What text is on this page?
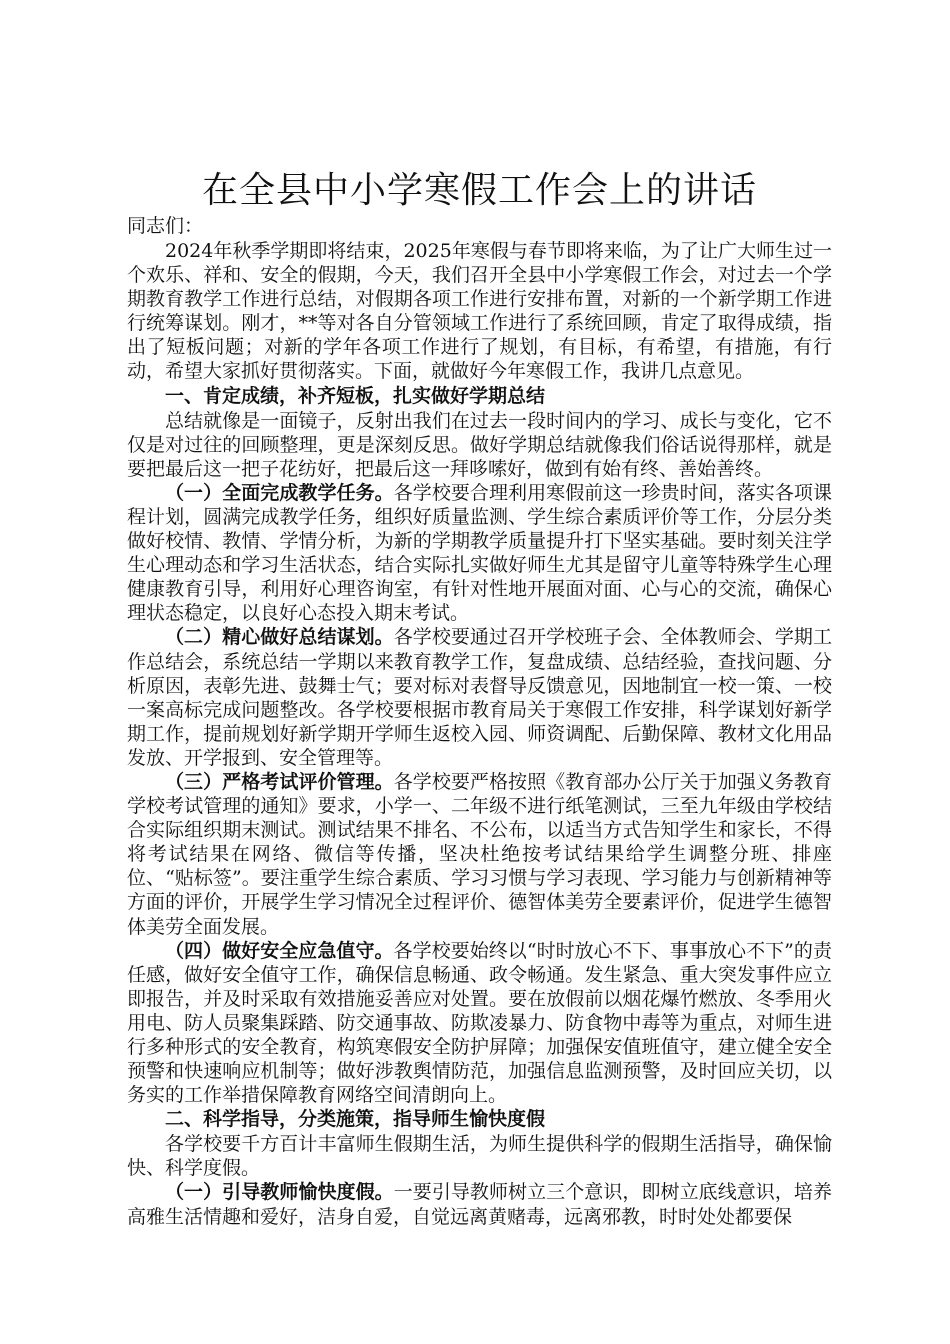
在全县中小学寒假工作会上的讲话

同志们：

2024年秋季学期即将结束，2025年寒假与春节即将来临，为了让广大师生过一个欢乐、祥和、安全的假期，今天，我们召开全县中小学寒假工作会，对过去一个学期教育教学工作进行总结，对假期各项工作进行安排布置，对新的一个新学期工作进行统筹谋划。刚才，**等对各自分管领域工作进行了系统回顾，肯定了取得成绩，指出了短板问题；对新的学年各项工作进行了规划，有目标，有希望，有措施，有行动，希望大家抓好贯彻落实。下面，就做好今年寒假工作，我讲几点意见。

一、肯定成绩，补齐短板，扎实做好学期总结

总结就像是一面镜子，反射出我们在过去一段时间内的学习、成长与变化，它不仅是对过往的回顾整理，更是深刻反思。做好学期总结就像我们俗话说得那样，就是要把最后这一把子花纺好，把最后这一拜哆嗦好，做到有始有终、善始善终。

（一）全面完成教学任务。各学校要合理利用寒假前这一珍贵时间，落实各项课程计划，圆满完成教学任务，组织好质量监测、学生综合素质评价等工作，分层分类做好校情、教情、学情分析，为新的学期教学质量提升打下坚实基础。要时刻关注学生心理动态和学习生活状态，结合实际扎实做好师生尤其是留守儿童等特殊学生心理健康教育引导，利用好心理咨询室，有针对性地开展面对面、心与心的交流，确保心理状态稳定，以良好心态投入期末考试。

（二）精心做好总结谋划。各学校要通过召开学校班子会、全体教师会、学期工作总结会，系统总结一学期以来教育教学工作，复盘成绩、总结经验，查找问题、分析原因，表彰先进、鼓舞士气；要对标对表督导反馈意见，因地制宜一校一策、一校一案高标完成问题整改。各学校要根据市教育局关于寒假工作安排，科学谋划好新学期工作，提前规划好新学期开学师生返校入园、师资调配、后勤保障、教材文化用品发放、开学报到、安全管理等。

（三）严格考试评价管理。各学校要严格按照《教育部办公厅关于加强义务教育学校考试管理的通知》要求，小学一、二年级不进行纸笔测试，三至九年级由学校结合实际组织期末测试。测试结果不排名、不公布，以适当方式告知学生和家长，不得将考试结果在网络、微信等传播，坚决杜绝按考试结果给学生调整分班、排座位、“贴标签”。要注重学生综合素质、学习习惯与学习表现、学习能力与创新精神等方面的评价，开展学生学习情况全过程评价、德智体美劳全要素评价，促进学生德智体美劳全面发展。

（四）做好安全应急值守。各学校要始终以“时时放心不下、事事放心不下”的责任感，做好安全值守工作，确保信息畅通、政令畅通。发生紧急、重大突发事件应立即报告，并及时采取有效措施妥善应对处置。要在放假前以烟花爆竹燃放、冬季用火用电、防人员聚集踩踏、防交通事故、防欺凌暴力、防食物中毒等为重点，对师生进行多种形式的安全教育，构筑寒假安全防护屏障；加强保安值班值守，建立健全安全预警和快速响应机制等；做好涉教舆情防范，加强信息监测预警，及时回应关切，以务实的工作举措保障教育网络空间清朗向上。

二、科学指导，分类施策，指导师生愉快度假

各学校要千方百计丰富师生假期生活，为师生提供科学的假期生活指导，确保愉快、科学度假。

（一）引导教师愉快度假。一要引导教师树立三个意识，即树立底线意识，培养高雅生活情趣和爱好，洁身自爱，自觉远离黄赌毒，远离邪教，时时处处都要保
